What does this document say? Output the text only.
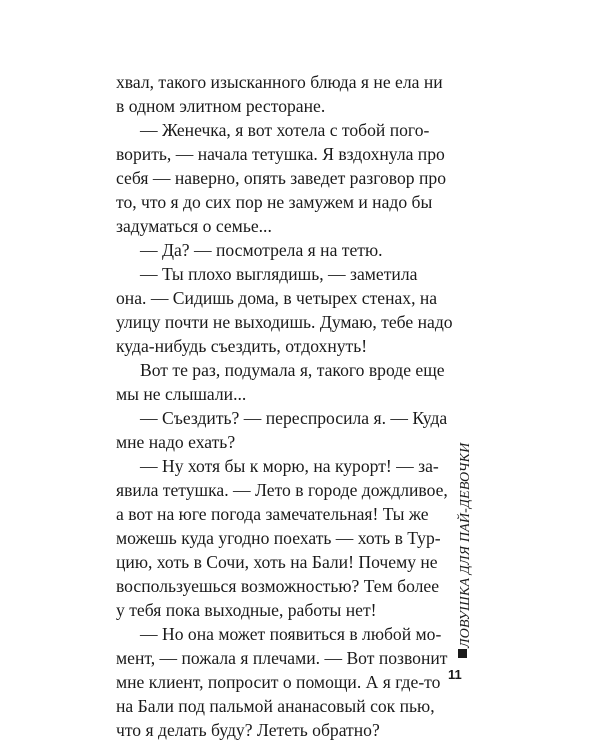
хвал, такого изысканного блюда я не ела ни
в одном элитном ресторане.
— Женечка, я вот хотела с тобой пого-
ворить, — начала тетушка. Я вздохнула про
себя — наверно, опять заведет разговор про
то, что я до сих пор не замужем и надо бы
задуматься о семье...
— Да? — посмотрела я на тетю.
— Ты плохо выглядишь, — заметила
она. — Сидишь дома, в четырех стенах, на
улицу почти не выходишь. Думаю, тебе надо
куда-нибудь съездить, отдохнуть!
Вот те раз, подумала я, такого вроде еще
мы не слышали...
— Съездить? — переспросила я. — Куда
мне надо ехать?
— Ну хотя бы к морю, на курорт! — за-
явила тетушка. — Лето в городе дождливое,
а вот на юге погода замечательная! Ты же
можешь куда угодно поехать — хоть в Тур-
цию, хоть в Сочи, хоть на Бали! Почему не
воспользуешься возможностью? Тем более
у тебя пока выходные, работы нет!
— Но она может появиться в любой мо-
мент, — пожала я плечами. — Вот позвонит
мне клиент, попросит о помощи. А я где-то
на Бали под пальмой ананасовый сок пью,
что я делать буду? Лететь обратно?
ЛОВУШКА ДЛЯ ПАЙ-ДЕВОЧКИ
11
